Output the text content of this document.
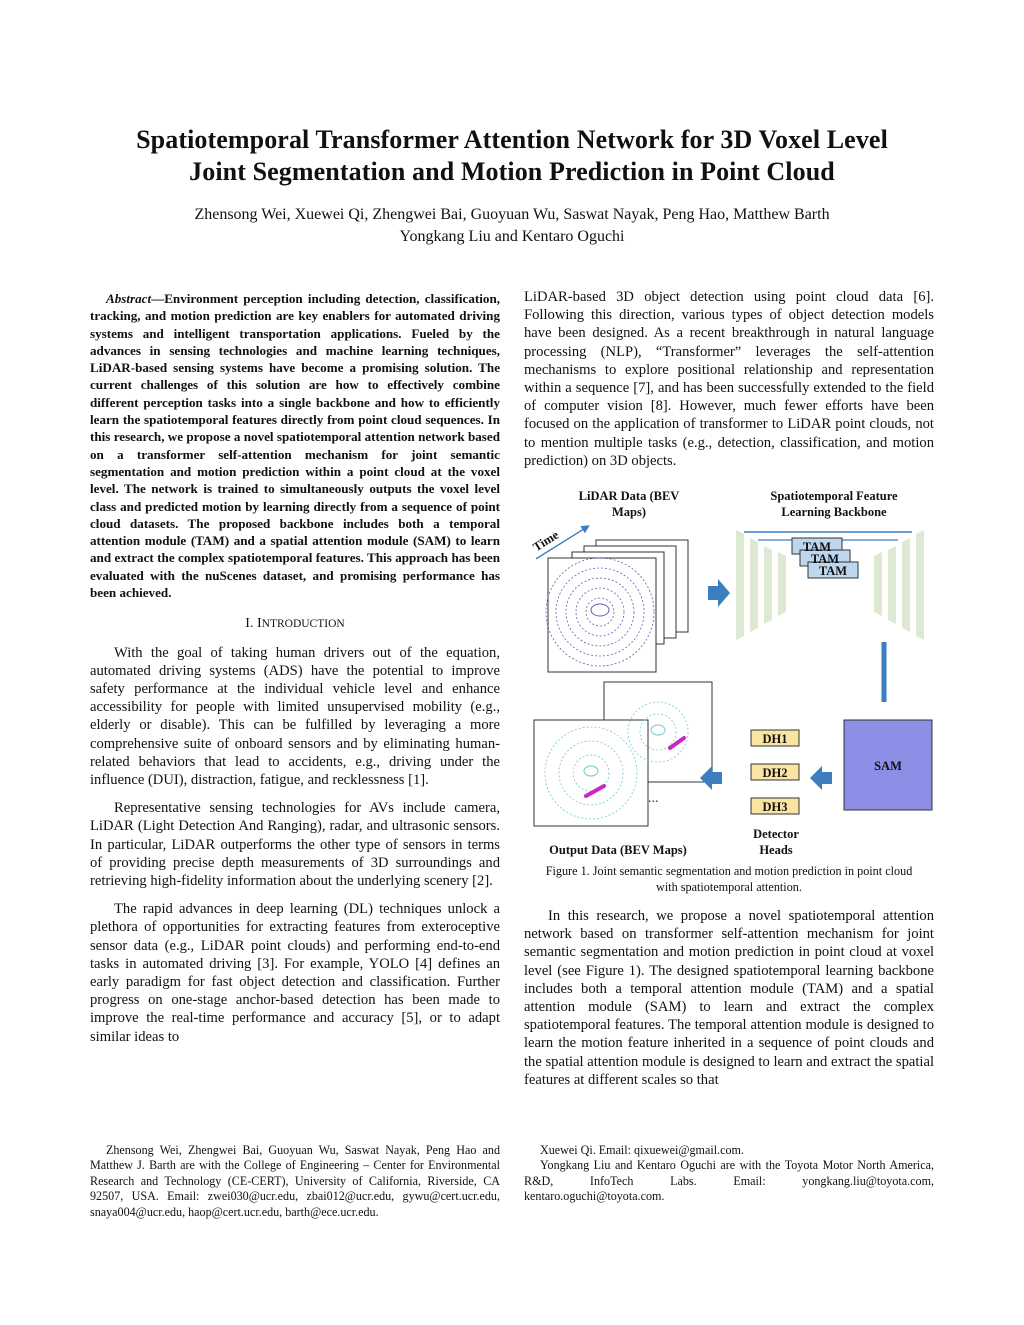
Spatiotemporal Transformer Attention Network for 3D Voxel Level
Joint Segmentation and Motion Prediction in Point Cloud
Zhensong Wei, Xuewei Qi, Zhengwei Bai, Guoyuan Wu, Saswat Nayak, Peng Hao, Matthew Barth
Yongkang Liu and Kentaro Oguchi

Abstract—Environment perception including detection, classification, tracking, and motion prediction are key enablers for automated driving systems and intelligent transportation applications. Fueled by the advances in sensing technologies and machine learning techniques, LiDAR-based sensing systems have become a promising solution. The current challenges of this solution are how to effectively combine different perception tasks into a single backbone and how to efficiently learn the spatiotemporal features directly from point cloud sequences. In this research, we propose a novel spatiotemporal attention network based on a transformer self-attention mechanism for joint semantic segmentation and motion prediction within a point cloud at the voxel level. The network is trained to simultaneously outputs the voxel level class and predicted motion by learning directly from a sequence of point cloud datasets. The proposed backbone includes both a temporal attention module (TAM) and a spatial attention module (SAM) to learn and extract the complex spatiotemporal features. This approach has been evaluated with the nuScenes dataset, and promising performance has been achieved.

I. INTRODUCTION

With the goal of taking human drivers out of the equation, automated driving systems (ADS) have the potential to improve safety performance at the individual vehicle level and enhance accessibility for people with limited unsupervised mobility (e.g., elderly or disable). This can be fulfilled by leveraging a more comprehensive suite of onboard sensors and by eliminating human-related behaviors that lead to accidents, e.g., driving under the influence (DUI), distraction, fatigue, and recklessness [1].

Representative sensing technologies for AVs include camera, LiDAR (Light Detection And Ranging), radar, and ultrasonic sensors. In particular, LiDAR outperforms the other type of sensors in terms of providing precise depth measurements of 3D surroundings and retrieving high-fidelity information about the underlying scenery [2].

The rapid advances in deep learning (DL) techniques unlock a plethora of opportunities for extracting features from exteroceptive sensor data (e.g., LiDAR point clouds) and performing end-to-end tasks in automated driving [3]. For example, YOLO [4] defines an early paradigm for fast object detection and classification. Further progress on one-stage anchor-based detection has been made to improve the real-time performance and accuracy [5], or to adapt similar ideas to

LiDAR-based 3D object detection using point cloud data [6]. Following this direction, various types of object detection models have been designed. As a recent breakthrough in natural language processing (NLP), “Transformer” leverages the self-attention mechanisms to explore positional relationship and representation within a sequence [7], and has been successfully extended to the field of computer vision [8]. However, much fewer efforts have been focused on the application of transformer to LiDAR point clouds, not to mention multiple tasks (e.g., detection, classification, and motion prediction) on 3D objects.

LiDAR Data (BEV
Maps)
Spatiotemporal Feature
Learning Backbone
Time	TAM
TAM
TAM
...
DH1
DH2
DH3
SAM
Detector
Heads
Output Data (BEV Maps)
Figure 1. Joint semantic segmentation and motion prediction in point cloud
with spatiotemporal attention.

In this research, we propose a novel spatiotemporal attention network based on transformer self-attention mechanism for joint semantic segmentation and motion prediction in point cloud at voxel level (see Figure 1). The designed spatiotemporal learning backbone includes both a temporal attention module (TAM) and a spatial attention module (SAM) to learn and extract the complex spatiotemporal features. The temporal attention module is designed to learn the motion feature inherited in a sequence of point clouds and the spatial attention module is designed to learn and extract the spatial features at different scales so that

Zhensong Wei, Zhengwei Bai, Guoyuan Wu, Saswat Nayak, Peng Hao and Matthew J. Barth are with the College of Engineering – Center for Environmental Research and Technology (CE-CERT), University of California, Riverside, CA 92507, USA. Email: zwei030@ucr.edu, zbai012@ucr.edu, gywu@cert.ucr.edu, snaya004@ucr.edu, haop@cert.ucr.edu, barth@ece.ucr.edu.

Xuewei Qi. Email: qixuewei@gmail.com.

Yongkang Liu and Kentaro Oguchi are with the Toyota Motor North America, R&D, InfoTech Labs. Email: yongkang.liu@toyota.com, kentaro.oguchi@toyota.com.
